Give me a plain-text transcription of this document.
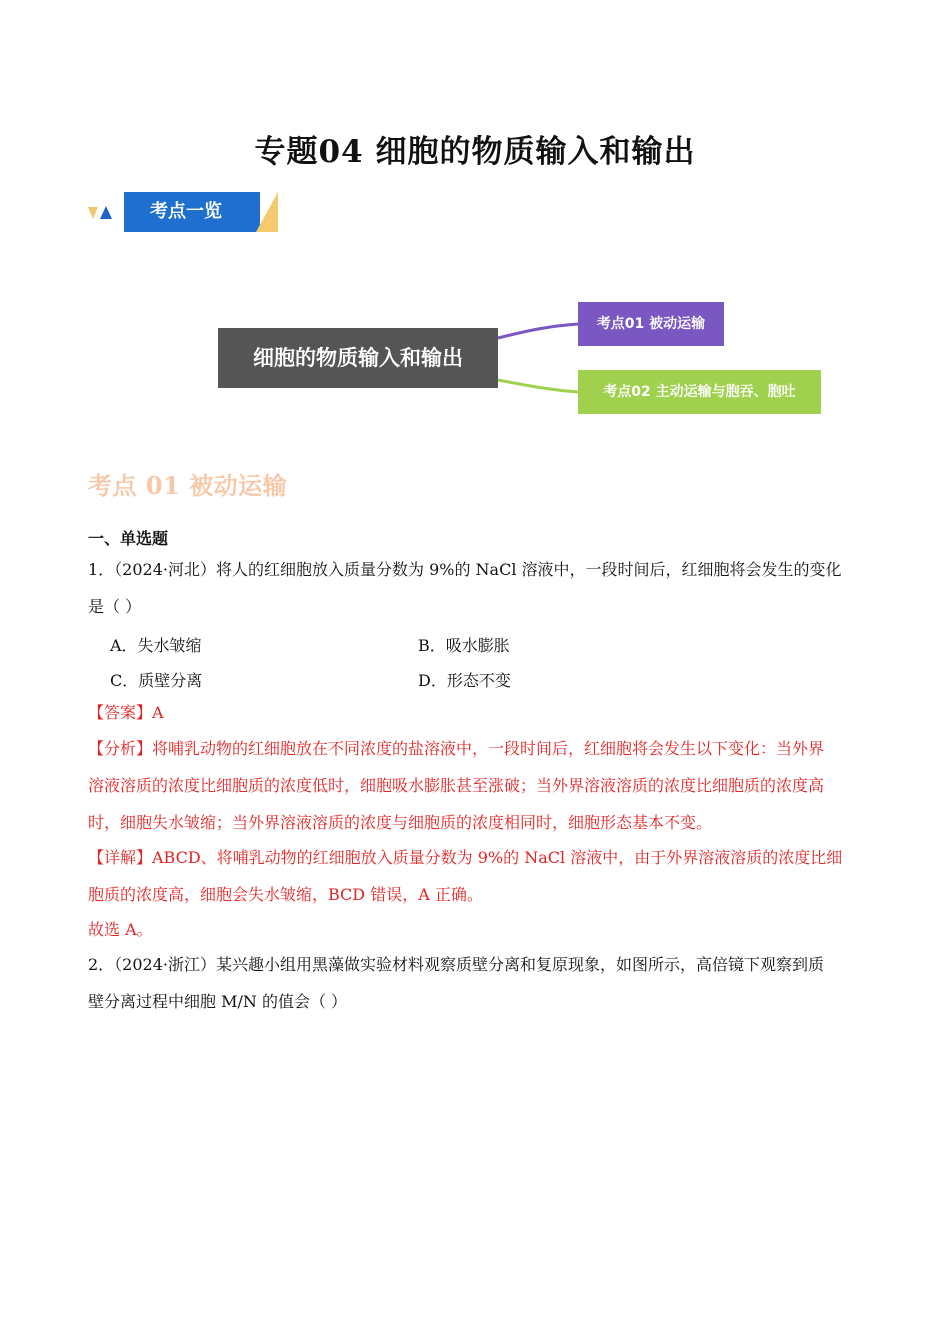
专题04 细胞的物质输入和输出
考点一览
细胞的物质输入和输出
考点01 被动运输
考点02 主动运输与胞吞、胞吐
考点 01 被动运输
一、单选题
1．（2024·河北）将人的红细胞放入质量分数为 9%的 NaCl 溶液中，一段时间后，红细胞将会发生的变化
是（ ）
A．失水皱缩	B．吸水膨胀
C．质壁分离	D．形态不变
【答案】A
【分析】将哺乳动物的红细胞放在不同浓度的盐溶液中，一段时间后，红细胞将会发生以下变化：当外界
溶液溶质的浓度比细胞质的浓度低时，细胞吸水膨胀甚至涨破；当外界溶液溶质的浓度比细胞质的浓度高
时，细胞失水皱缩；当外界溶液溶质的浓度与细胞质的浓度相同时，细胞形态基本不变。
【详解】ABCD、将哺乳动物的红细胞放入质量分数为 9%的 NaCl 溶液中，由于外界溶液溶质的浓度比细
胞质的浓度高，细胞会失水皱缩，BCD 错误，A 正确。
故选 A。
2．（2024·浙江）某兴趣小组用黑藻做实验材料观察质壁分离和复原现象，如图所示，高倍镜下观察到质
壁分离过程中细胞 M/N 的值会（ ）
